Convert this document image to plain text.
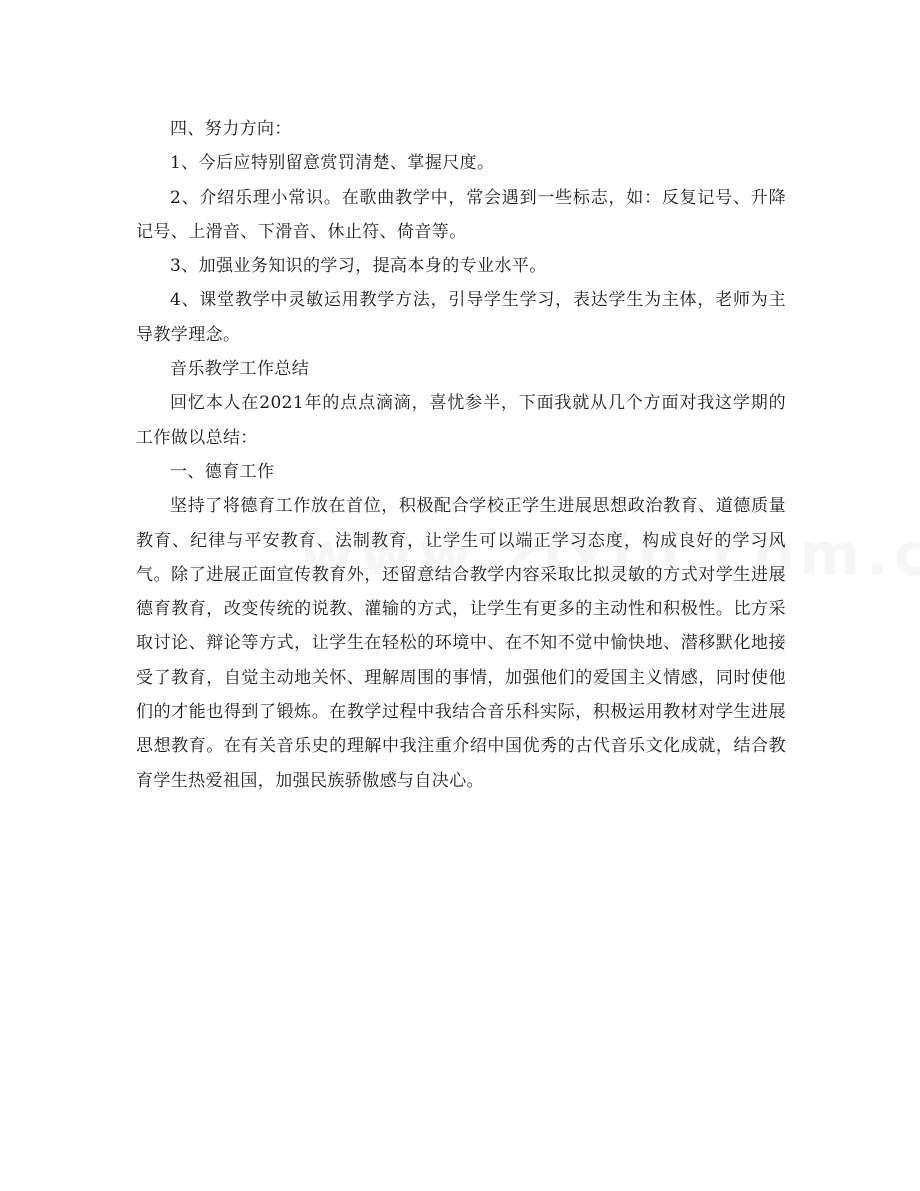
四、努力方向：

1、今后应特别留意赏罚清楚、掌握尺度。

2、介绍乐理小常识。在歌曲教学中，常会遇到一些标志，如：反复记号、升降记号、上滑音、下滑音、休止符、倚音等。

3、加强业务知识的学习，提高本身的专业水平。

4、课堂教学中灵敏运用教学方法，引导学生学习，表达学生为主体，老师为主导教学理念。

音乐教学工作总结

回忆本人在2021年的点点滴滴，喜忧参半，下面我就从几个方面对我这学期的工作做以总结：

一、德育工作

坚持了将德育工作放在首位，积极配合学校正学生进展思想政治教育、道德质量教育、纪律与平安教育、法制教育，让学生可以端正学习态度，构成良好的学习风气。除了进展正面宣传教育外，还留意结合教学内容采取比拟灵敏的方式对学生进展德育教育，改变传统的说教、灌输的方式，让学生有更多的主动性和积极性。比方采取讨论、辩论等方式，让学生在轻松的环境中、在不知不觉中愉快地、潜移默化地接受了教育，自觉主动地关怀、理解周围的事情，加强他们的爱国主义情感，同时使他们的才能也得到了锻炼。在教学过程中我结合音乐科实际，积极运用教材对学生进展思想教育。在有关音乐史的理解中我注重介绍中国优秀的古代音乐文化成就，结合教育学生热爱祖国，加强民族骄傲感与自决心。
